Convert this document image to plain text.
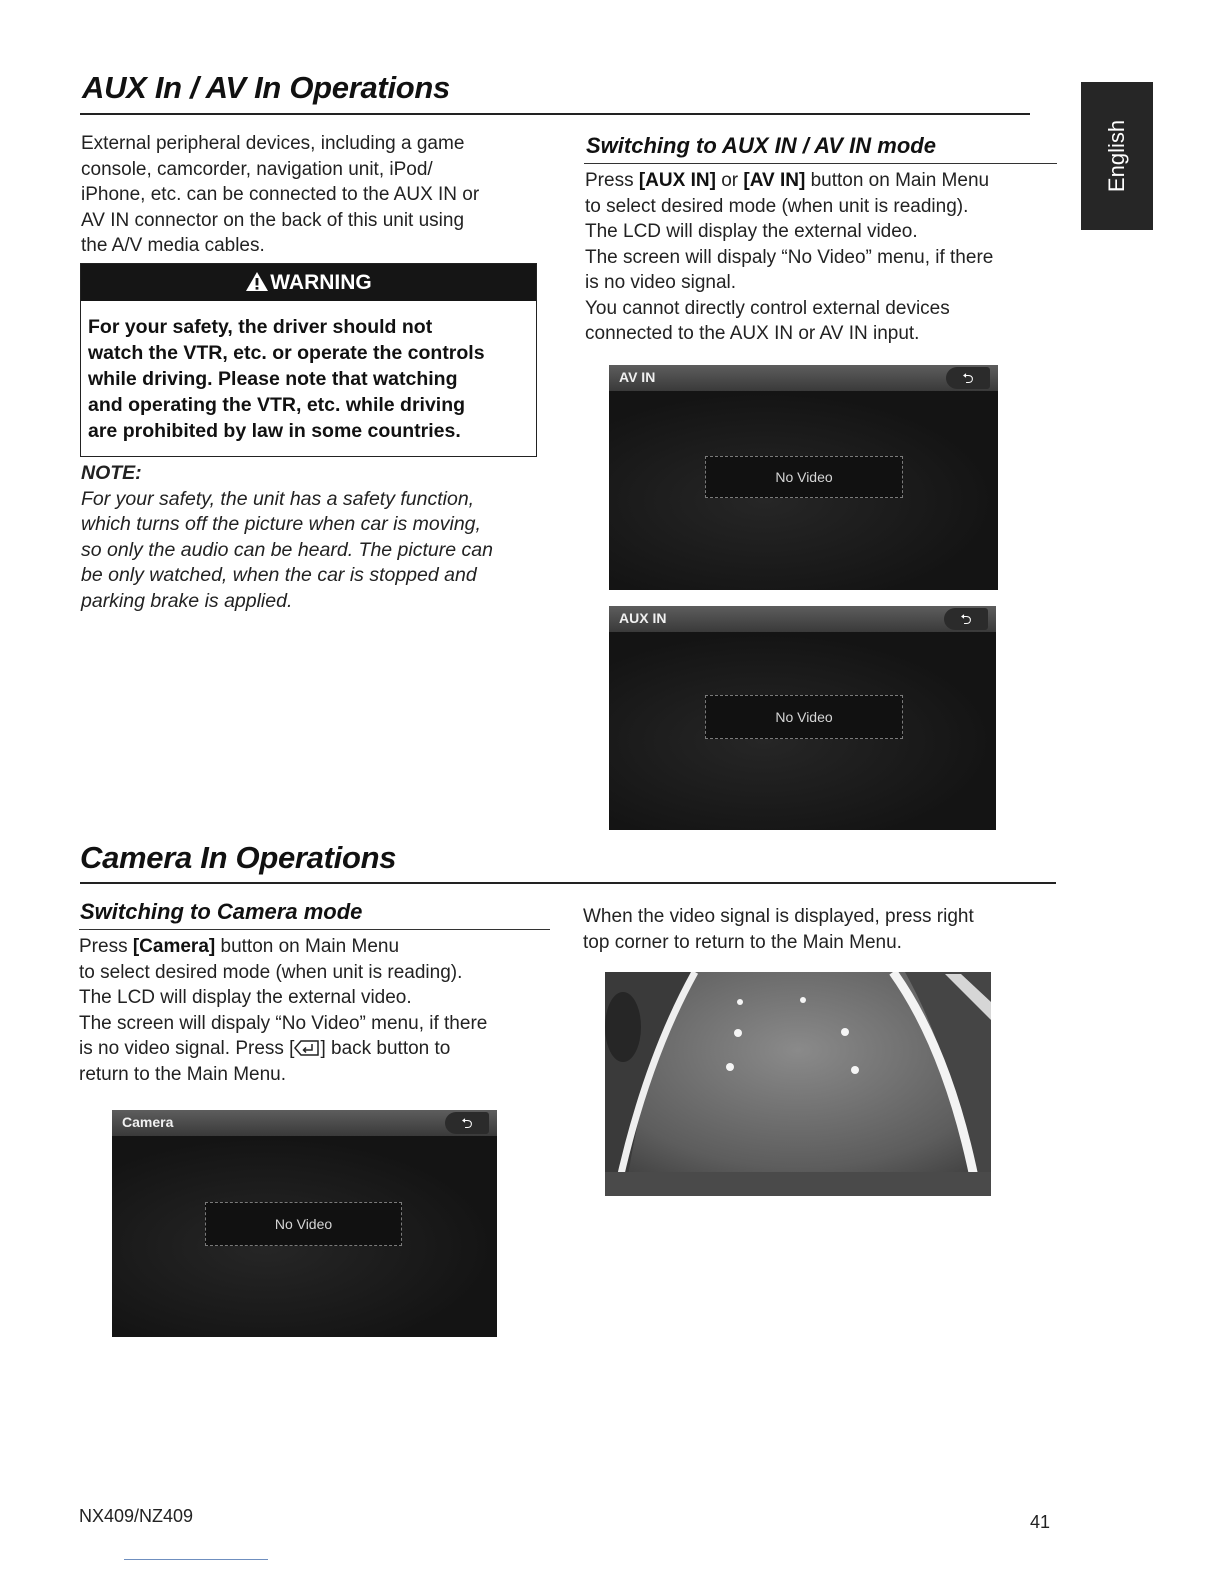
English
AUX In / AV In Operations

External peripheral devices, including a game

console, camcorder, navigation unit, iPod/

iPhone, etc. can be connected to the AUX IN or

AV IN connector on the back of this unit using

the A/V media cables.

WARNING
For your safety, the driver should not
watch the VTR, etc. or operate the controls
while driving. Please note that watching
and operating the VTR, etc. while driving
are prohibited by law in some countries.
NOTE:
For your safety, the unit has a safety function,
which turns off the picture when car is moving,
so only the audio can be heard. The picture can
be only watched, when the car is stopped and
parking brake is applied.
Switching to AUX IN / AV IN mode

Press [AUX IN] or [AV IN] button on Main Menu

to select desired mode (when unit is reading).

The LCD will display the external video.

The screen will dispaly “No Video” menu, if there

is no video signal.

You cannot directly control external devices

connected to the AUX IN or AV IN input.

AV IN	⮌
No Video
AUX IN	⮌
No Video
Camera In Operations
Switching to Camera mode

Press [Camera] button on Main Menu

to select desired mode (when unit is reading).

The LCD will display the external video.

The screen will dispaly “No Video” menu, if there

is no video signal. Press [ ] back button to

return to the Main Menu.

Camera	⮌
No Video

When the video signal is displayed, press right

top corner to return to the Main Menu.

NX409/NZ409	41
